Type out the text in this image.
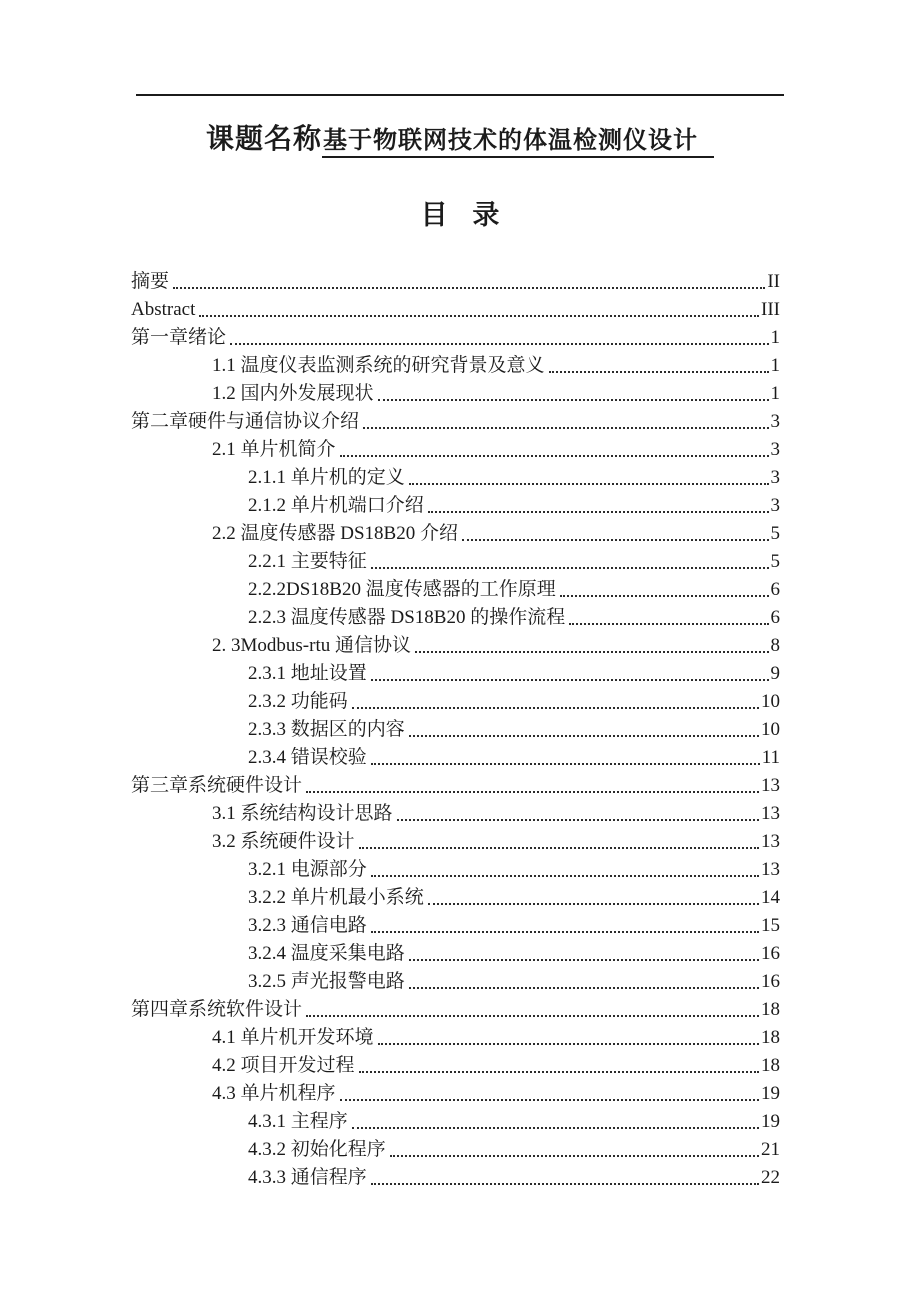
课题名称基于物联网技术的体温检测仪设计
目 录
摘要	II
Abstract	III
第一章绪论	1
1.1 温度仪表监测系统的研究背景及意义	1
1.2 国内外发展现状	1
第二章硬件与通信协议介绍	3
2.1 单片机简介	3
2.1.1 单片机的定义	3
2.1.2 单片机端口介绍	3
2.2 温度传感器 DS18B20 介绍	5
2.2.1 主要特征	5
2.2.2DS18B20 温度传感器的工作原理	6
2.2.3 温度传感器 DS18B20 的操作流程	6
2. 3Modbus-rtu 通信协议	8
2.3.1 地址设置	9
2.3.2 功能码	10
2.3.3 数据区的内容	10
2.3.4 错误校验	11
第三章系统硬件设计	13
3.1 系统结构设计思路	13
3.2 系统硬件设计	13
3.2.1 电源部分	13
3.2.2 单片机最小系统	14
3.2.3 通信电路	15
3.2.4 温度采集电路	16
3.2.5 声光报警电路	16
第四章系统软件设计	18
4.1 单片机开发环境	18
4.2 项目开发过程	18
4.3 单片机程序	19
4.3.1 主程序	19
4.3.2 初始化程序	21
4.3.3 通信程序	22
